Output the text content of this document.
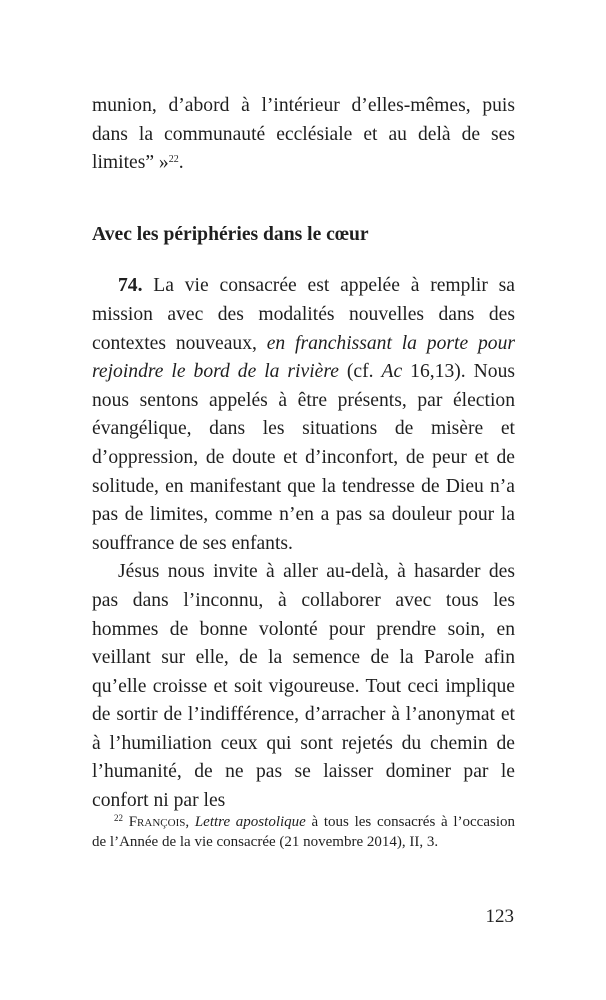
munion, d’abord à l’intérieur d’elles-mêmes, puis dans la communauté ecclésiale et au delà de ses limites” »$^{22}$.

Avec les périphéries dans le cœur

74. La vie consacrée est appelée à remplir sa mission avec des modalités nouvelles dans des contextes nouveaux, en franchissant la porte pour rejoindre le bord de la rivière (cf. Ac 16,13). Nous nous sentons appelés à être présents, par élection évangélique, dans les situations de misère et d’oppression, de doute et d’inconfort, de peur et de solitude, en manifestant que la tendresse de Dieu n’a pas de limites, comme n’en a pas sa douleur pour la souffrance de ses enfants.

Jésus nous invite à aller au-delà, à hasarder des pas dans l’inconnu, à collaborer avec tous les hommes de bonne volonté pour prendre soin, en veillant sur elle, de la semence de la Parole afin qu’elle croisse et soit vigoureuse. Tout ceci implique de sortir de l’indifférence, d’arracher à l’anonymat et à l’humiliation ceux qui sont rejetés du chemin de l’humanité, de ne pas se laisser dominer par le confort ni par les

$^{22}$ François, Lettre apostolique à tous les consacrés à l’occasion de l’Année de la vie consacrée (21 novembre 2014), II, 3.

123
